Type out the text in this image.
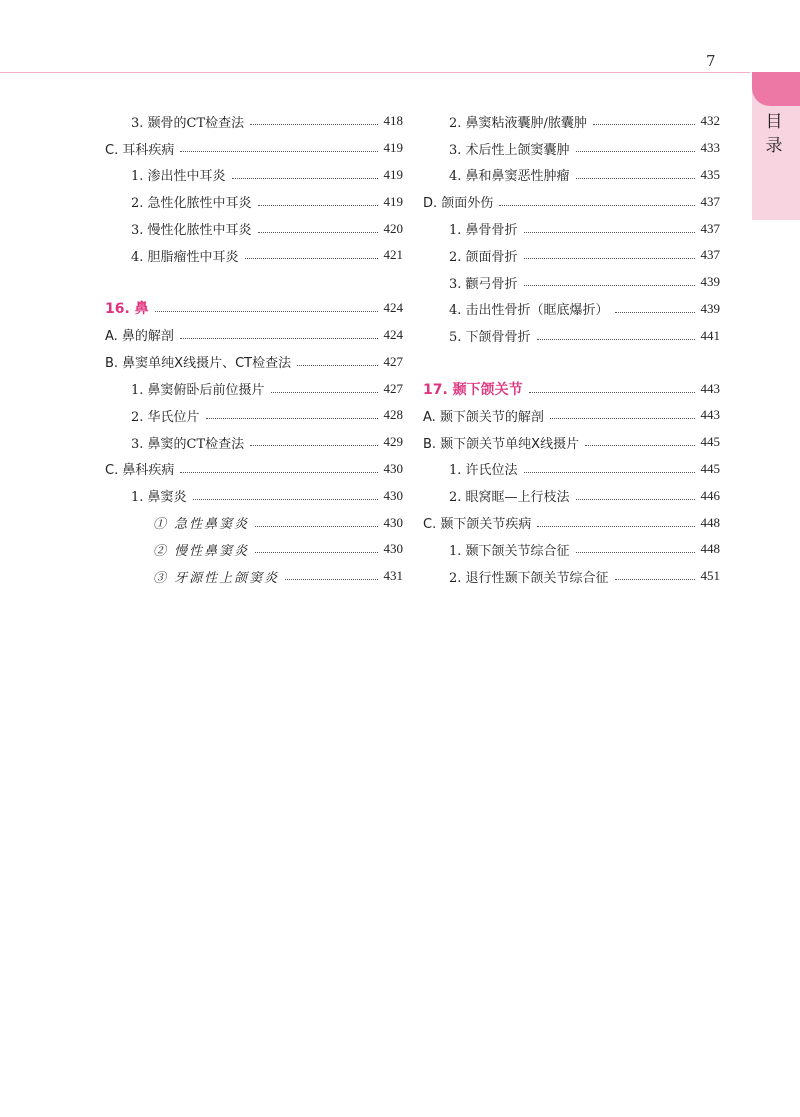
7
目录
3. 颞骨的CT检查法	418
C. 耳科疾病	419
1. 渗出性中耳炎	419
2. 急性化脓性中耳炎	419
3. 慢性化脓性中耳炎	420
4. 胆脂瘤性中耳炎	421
16. 鼻	424
A. 鼻的解剖	424
B. 鼻窦单纯X线摄片、CT检查法	427
1. 鼻窦俯卧后前位摄片	427
2. 华氏位片	428
3. 鼻窦的CT检查法	429
C. 鼻科疾病	430
1. 鼻窦炎	430
① 急性鼻窦炎	430
② 慢性鼻窦炎	430
③ 牙源性上颌窦炎	431
2. 鼻窦粘液囊肿/脓囊肿	432
3. 术后性上颌窦囊肿	433
4. 鼻和鼻窦恶性肿瘤	435
D. 颌面外伤	437
1. 鼻骨骨折	437
2. 颌面骨折	437
3. 颧弓骨折	439
4. 击出性骨折（眶底爆折）	439
5. 下颌骨骨折	441
17. 颞下颌关节	443
A. 颞下颌关节的解剖	443
B. 颞下颌关节单纯X线摄片	445
1. 许氏位法	445
2. 眼窝眶—上行枝法	446
C. 颞下颌关节疾病	448
1. 颞下颌关节综合征	448
2. 退行性颞下颌关节综合征	451
